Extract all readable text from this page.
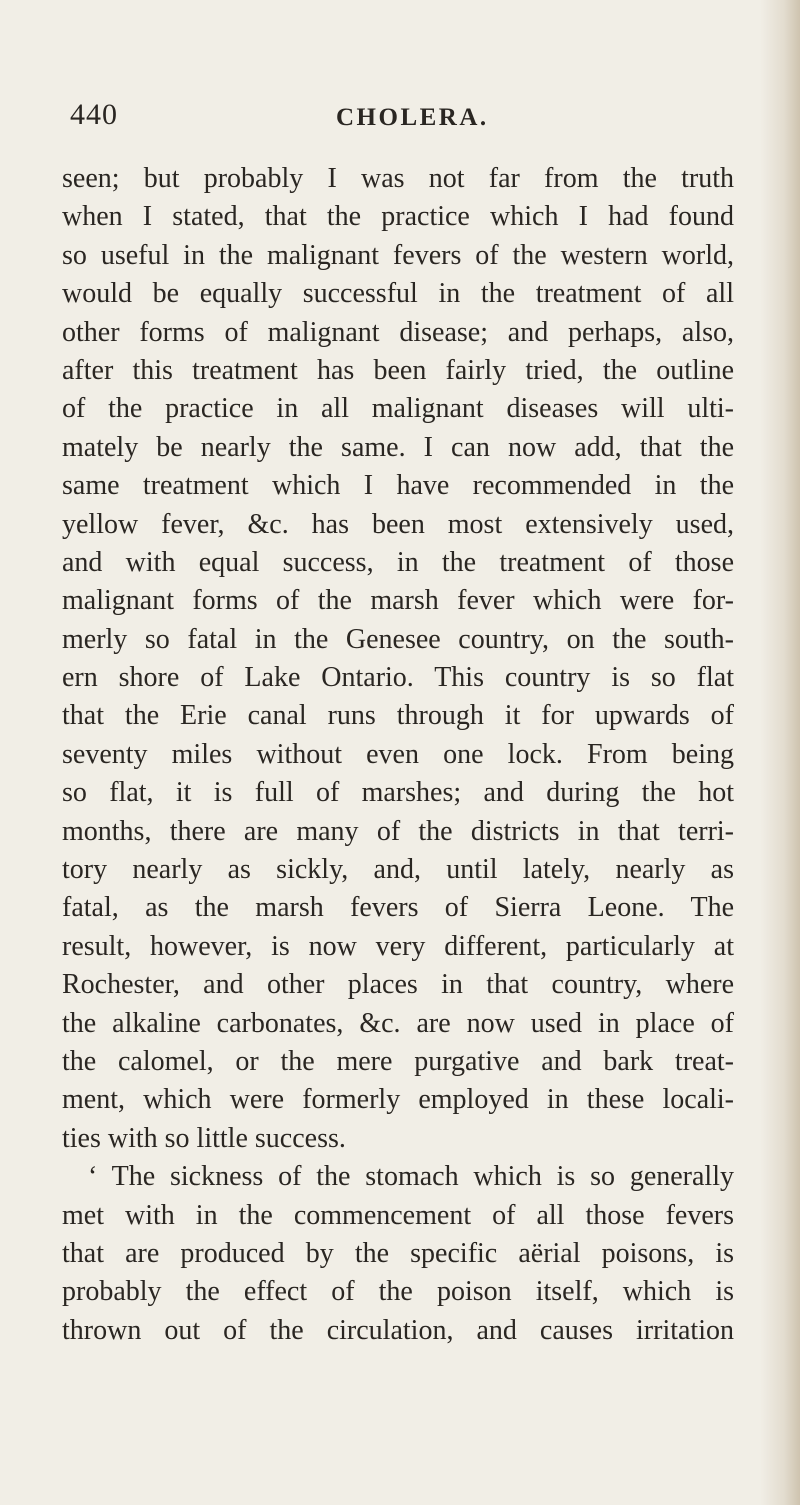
440	CHOLERA.
seen; but probably I was not far from the truth
when I stated, that the practice which I had found
so useful in the malignant fevers of the western world,
would be equally successful in the treatment of all
other forms of malignant disease; and perhaps, also,
after this treatment has been fairly tried, the outline
of the practice in all malignant diseases will ulti-
mately be nearly the same. I can now add, that the
same treatment which I have recommended in the
yellow fever, &c. has been most extensively used,
and with equal success, in the treatment of those
malignant forms of the marsh fever which were for-
merly so fatal in the Genesee country, on the south-
ern shore of Lake Ontario. This country is so flat
that the Erie canal runs through it for upwards of
seventy miles without even one lock. From being
so flat, it is full of marshes; and during the hot
months, there are many of the districts in that terri-
tory nearly as sickly, and, until lately, nearly as
fatal, as the marsh fevers of Sierra Leone. The
result, however, is now very different, particularly at
Rochester, and other places in that country, where
the alkaline carbonates, &c. are now used in place of
the calomel, or the mere purgative and bark treat-
ment, which were formerly employed in these locali-
ties with so little success.
‘ The sickness of the stomach which is so generally
met with in the commencement of all those fevers
that are produced by the specific aërial poisons, is
probably the effect of the poison itself, which is
thrown out of the circulation, and causes irritation
